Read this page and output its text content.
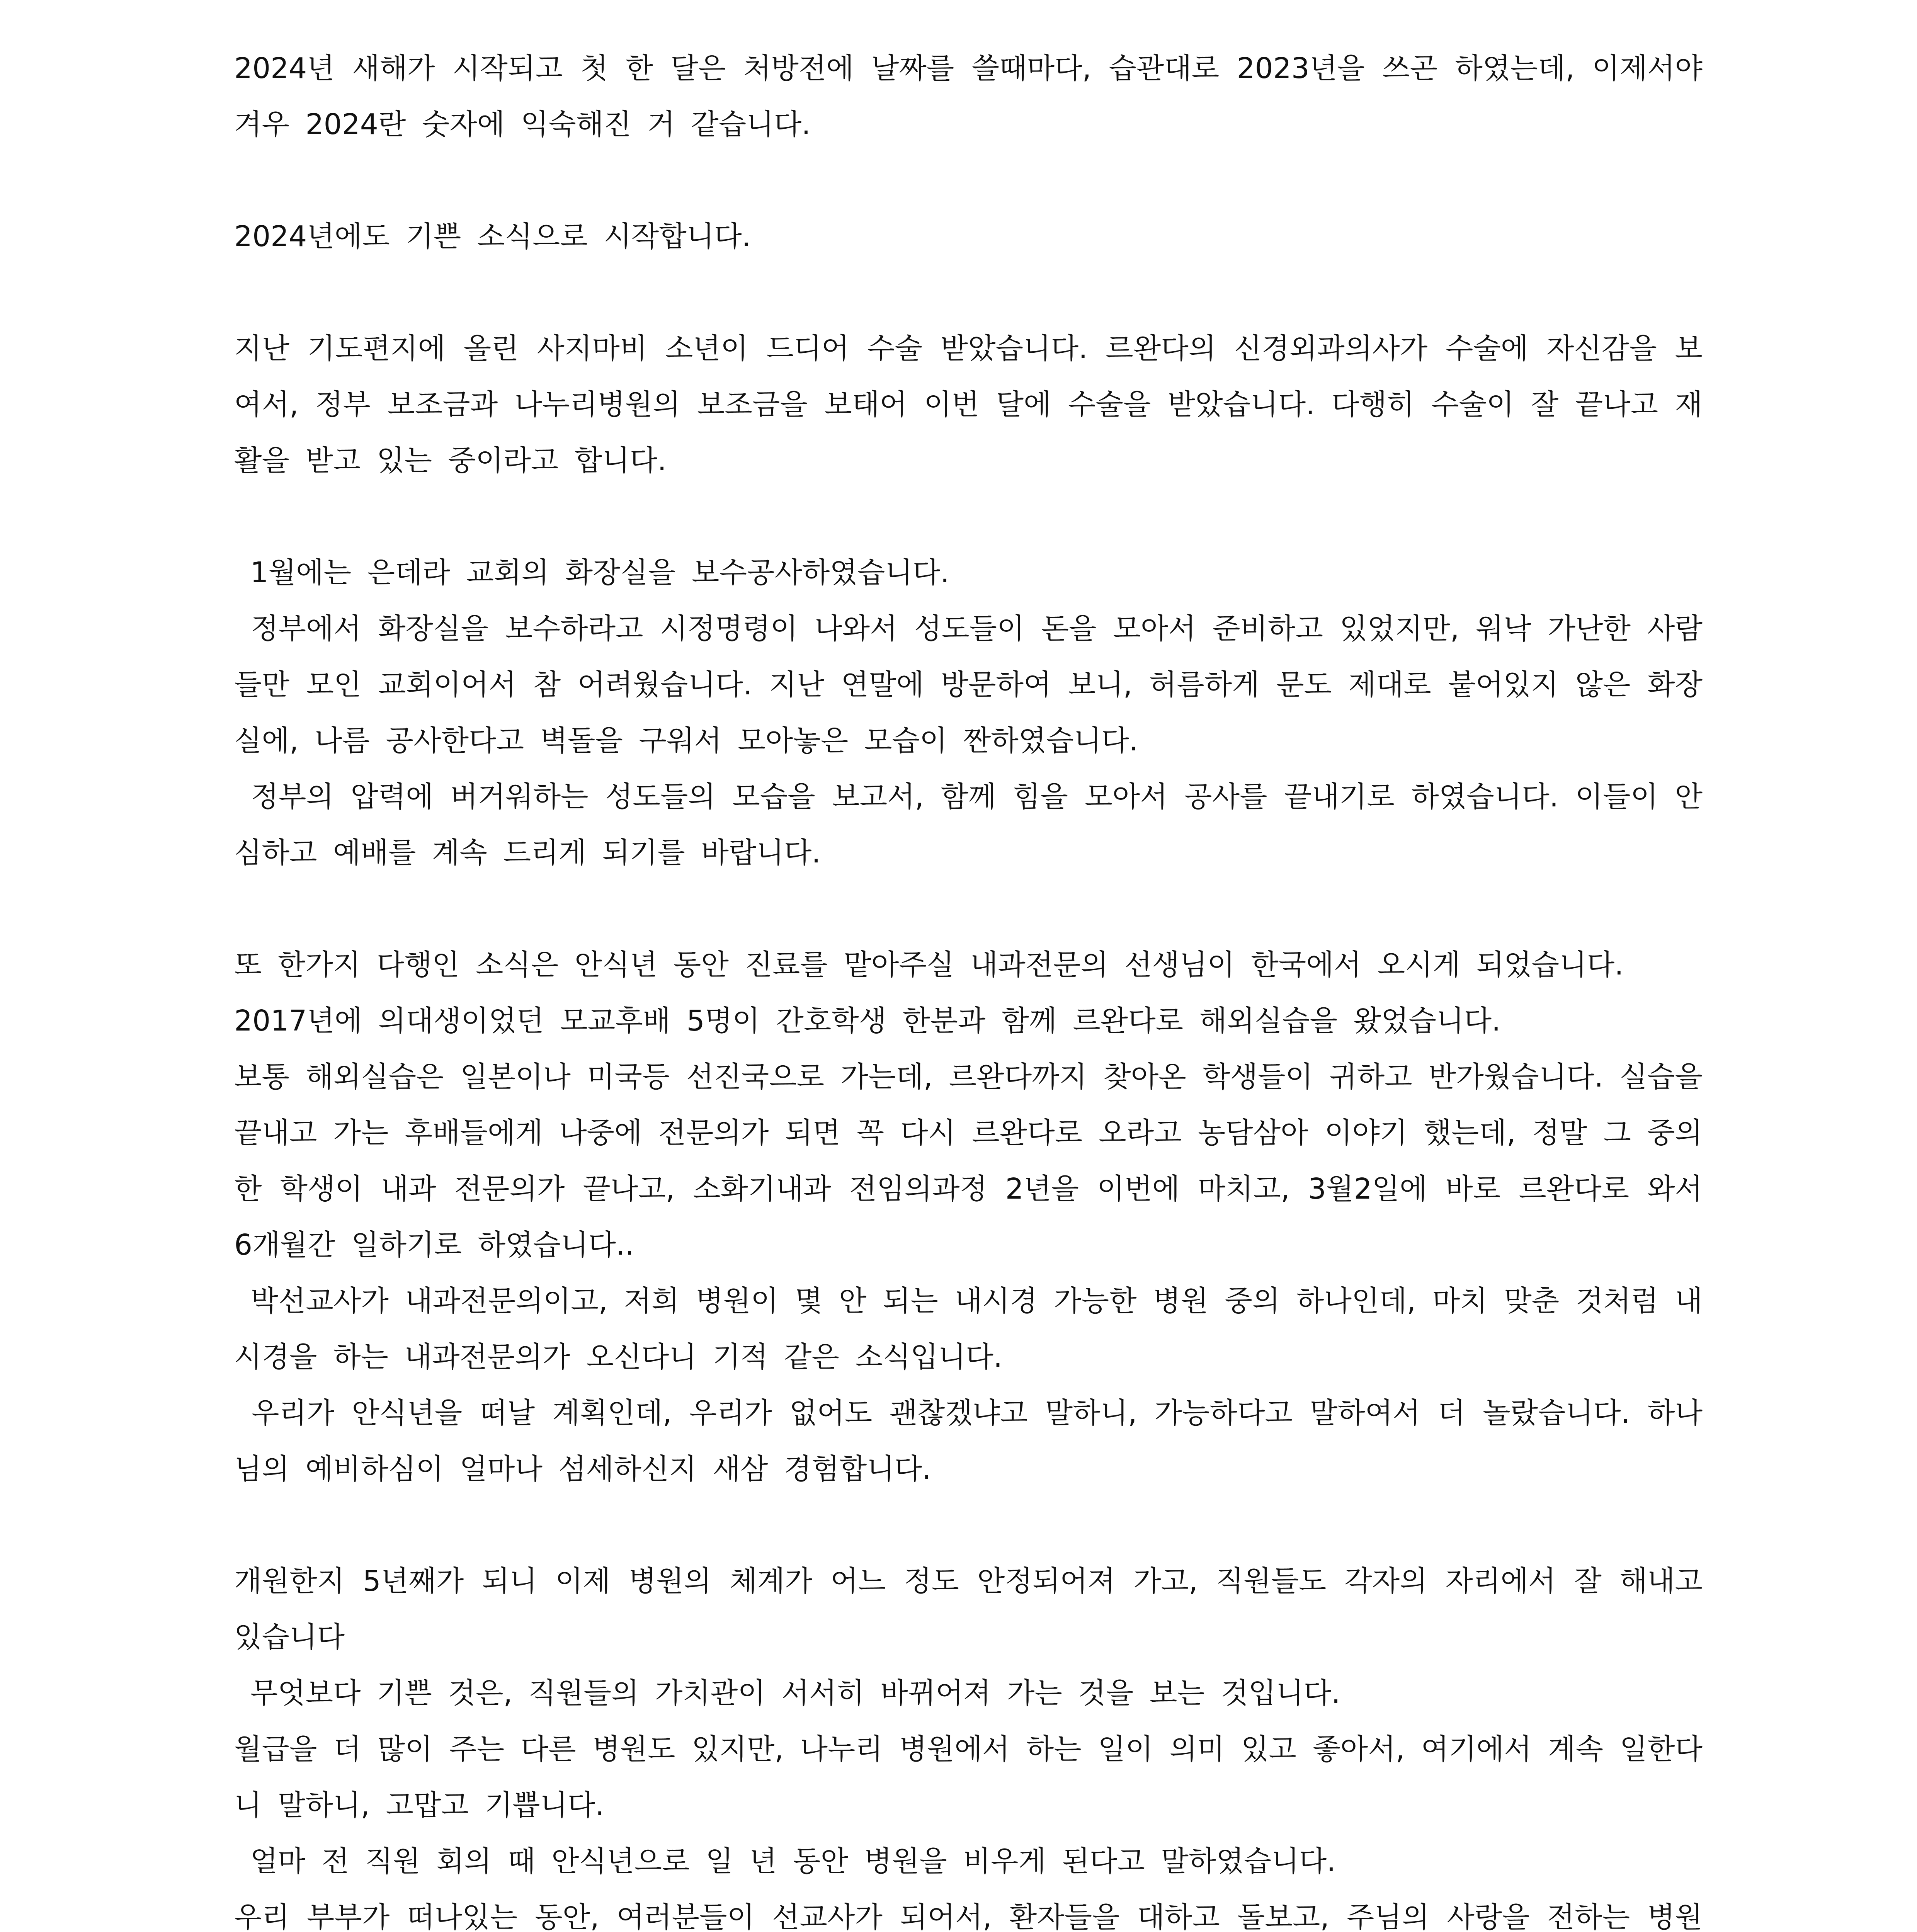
2024년 새해가 시작되고 첫 한 달은 처방전에 날짜를 쓸때마다, 습관대로 2023년을 쓰곤 하였는데, 이제서야 겨우 2024란 숫자에 익숙해진 거 같습니다.

2024년에도 기쁜 소식으로 시작합니다.

지난 기도편지에 올린 사지마비 소년이 드디어 수술 받았습니다. 르완다의 신경외과의사가 수술에 자신감을 보여서, 정부 보조금과 나누리병원의 보조금을 보태어 이번 달에 수술을 받았습니다. 다행히 수술이 잘 끝나고 재활을 받고 있는 중이라고 합니다.

1월에는 은데라 교회의 화장실을 보수공사하였습니다.

정부에서 화장실을 보수하라고 시정명령이 나와서 성도들이 돈을 모아서 준비하고 있었지만, 워낙 가난한 사람들만 모인 교회이어서 참 어려웠습니다. 지난 연말에 방문하여 보니, 허름하게 문도 제대로 붙어있지 않은 화장실에, 나름 공사한다고 벽돌을 구워서 모아놓은 모습이 짠하였습니다.

정부의 압력에 버거워하는 성도들의 모습을 보고서, 함께 힘을 모아서 공사를 끝내기로 하였습니다. 이들이 안심하고 예배를 계속 드리게 되기를 바랍니다.

또 한가지 다행인 소식은 안식년 동안 진료를 맡아주실 내과전문의 선생님이 한국에서 오시게 되었습니다.

2017년에 의대생이었던 모교후배 5명이 간호학생 한분과 함께 르완다로 해외실습을 왔었습니다.

보통 해외실습은 일본이나 미국등 선진국으로 가는데, 르완다까지 찾아온 학생들이 귀하고 반가웠습니다. 실습을 끝내고 가는 후배들에게 나중에 전문의가 되면 꼭 다시 르완다로 오라고 농담삼아 이야기 했는데, 정말 그 중의 한 학생이 내과 전문의가 끝나고, 소화기내과 전임의과정 2년을 이번에 마치고, 3월2일에 바로 르완다로 와서 6개월간 일하기로 하였습니다..

박선교사가 내과전문의이고, 저희 병원이 몇 안 되는 내시경 가능한 병원 중의 하나인데, 마치 맞춘 것처럼 내시경을 하는 내과전문의가 오신다니 기적 같은 소식입니다.

우리가 안식년을 떠날 계획인데, 우리가 없어도 괜찮겠냐고 말하니, 가능하다고 말하여서 더 놀랐습니다. 하나님의 예비하심이 얼마나 섬세하신지 새삼 경험합니다.

개원한지 5년째가 되니 이제 병원의 체계가 어느 정도 안정되어져 가고, 직원들도 각자의 자리에서 잘 해내고 있습니다

무엇보다 기쁜 것은, 직원들의 가치관이 서서히 바뀌어져 가는 것을 보는 것입니다.

월급을 더 많이 주는 다른 병원도 있지만, 나누리 병원에서 하는 일이 의미 있고 좋아서, 여기에서 계속 일한다니 말하니, 고맙고 기쁩니다.

얼마 전 직원 회의 때 안식년으로 일 년 동안 병원을 비우게 된다고 말하였습니다.

우리 부부가 떠나있는 동안, 여러분들이 선교사가 되어서, 환자들을 대하고 돌보고, 주님의 사랑을 전하는 병원
